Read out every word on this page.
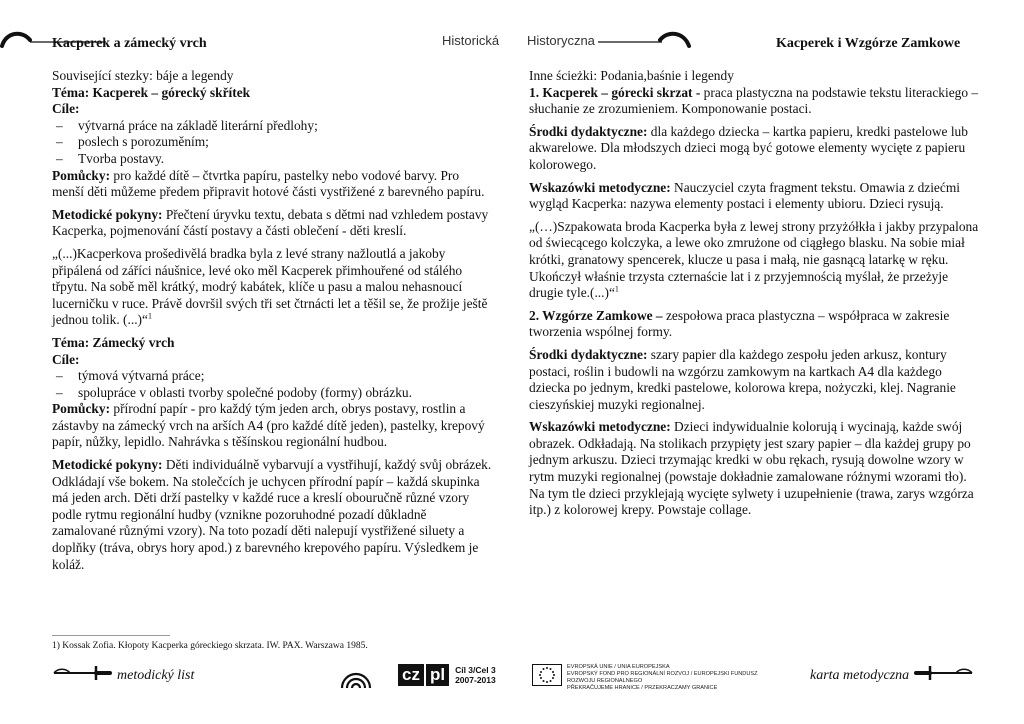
Kacperek a zámecký vrch	Historická Historyczna	Kacperek i Wzgórze Zamkowe

Související stezky: báje a legendy

Téma: Kacperek – górecký skřítek

Cíle:

– výtvarná práce na základě literární předlohy;
– poslech s porozuměním;
– Tvorba postavy.

Pomůcky: pro každé dítě – čtvrtka papíru, pastelky nebo vodové barvy. Pro menší děti můžeme předem připravit hotové části vystřižené z barevného papíru.

Metodické pokyny: Přečtení úryvku textu, debata s dětmi nad vzhledem postavy Kacperka, pojmenování částí postavy a části oblečení - děti kreslí.

„(...)Kacperkova prošedivělá bradka byla z levé strany nažloutlá a jakoby připálená od záříci náušnice, levé oko měl Kacperek přimhouřené od stálého třpytu. Na sobě měl krátký, modrý kabátek, klíče u pasu a malou nehasnoucí lucerničku v ruce. Právě dovršil svých tři set čtrnácti let a těšil se, že prožije ještě jednou tolik. (...)“$^1$

Téma: Zámecký vrch

Cíle:

– týmová výtvarná práce;
– spolupráce v oblasti tvorby společné podoby (formy) obrázku.

Pomůcky: přírodní papír - pro každý tým jeden arch, obrys postavy, rostlin a zástavby na zámecký vrch na arších A4 (pro každé dítě jeden), pastelky, krepový papír, nůžky, lepidlo. Nahrávka s těšínskou regionální hudbou.

Metodické pokyny: Děti individuálně vybarvují a vystřihují, každý svůj obrázek. Odkládají vše bokem. Na stolečcích je uchycen přírodní papír – každá skupinka má jeden arch. Děti drží pastelky v každé ruce a kreslí obouručně různé vzory podle rytmu regionální hudby (vznikne pozoruhodné pozadí důkladně zamalované různými vzory). Na toto pozadí děti nalepují vystřižené siluety a doplňky (tráva, obrys hory apod.) z barevného krepového papíru. Výsledkem je koláž.

Inne ścieżki: Podania,baśnie i legendy

1. Kacperek – górecki skrzat - praca plastyczna na podstawie tekstu literackiego – słuchanie ze zrozumieniem. Komponowanie postaci.

Środki dydaktyczne: dla każdego dziecka – kartka papieru, kredki pastelowe lub akwarelowe. Dla młodszych dzieci mogą być gotowe elementy wycięte z papieru kolorowego.

Wskazówki metodyczne: Nauczyciel czyta fragment tekstu. Omawia z dziećmi wygląd Kacperka: nazywa elementy postaci i elementy ubioru. Dzieci rysują.

„(…)Szpakowata broda Kacperka była z lewej strony przyżółkła i jakby przypalona od świecącego kolczyka, a lewe oko zmrużone od ciągłego blasku. Na sobie miał krótki, granatowy spencerek, klucze u pasa i małą, nie gasnącą latarkę w ręku. Ukończył właśnie trzysta czternaście lat i z przyjemnością myślał, że przeżyje drugie tyle.(...)“$^1$

2. Wzgórze Zamkowe – zespołowa praca plastyczna – współpraca w zakresie tworzenia wspólnej formy.

Środki dydaktyczne: szary papier dla każdego zespołu jeden arkusz, kontury postaci, roślin i budowli na wzgórzu zamkowym na kartkach A4 dla każdego dziecka po jednym, kredki pastelowe, kolorowa krepa, nożyczki, klej. Nagranie cieszyńskiej muzyki regionalnej.

Wskazówki metodyczne: Dzieci indywidualnie kolorują i wycinają, każde swój obrazek. Odkładają. Na stolikach przypięty jest szary papier – dla każdej grupy po jednym arkuszu. Dzieci trzymając kredki w obu rękach, rysują dowolne wzory w rytm muzyki regionalnej (powstaje dokładnie zamalowane różnymi wzorami tło). Na tym tle dzieci przyklejają wycięte sylwety i uzupełnienie (trawa, zarys wzgórza itp.) z kolorowej krepy. Powstaje collage.

1) Kossak Zofia. Kłopoty Kacperka góreckiego skrzata. IW. PAX. Warszawa 1985.
metodický list	cz pl	Cíl 3/Cel 3
2007-2013
EVROPSKÁ UNIE / UNIA EUROPEJSKA
EVROPSKÝ FOND PRO REGIONÁLNÍ ROZVOJ / EUROPEJSKI FUNDUSZ ROZWOJU REGIONALNEGO
PŘEKRAČUJEME HRANICE / PRZEKRACZAMY GRANICE
karta metodyczna
